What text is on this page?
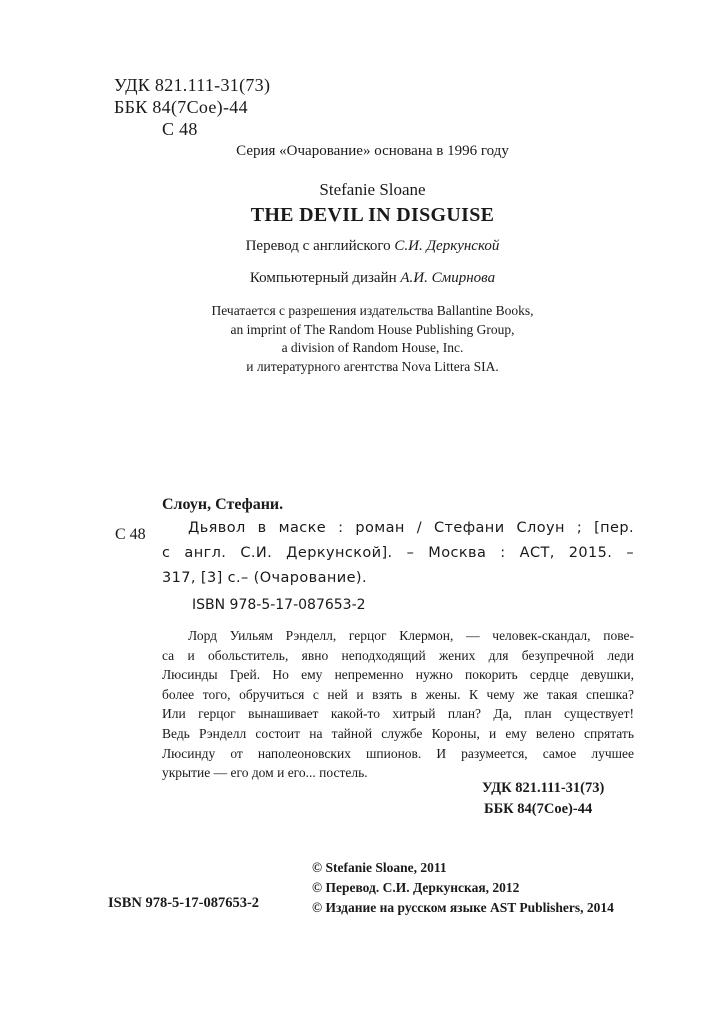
УДК 821.111-31(73)
ББК 84(7Сое)-44
С 48
Серия «Очарование» основана в 1996 году
Stefanie Sloane
THE DEVIL IN DISGUISE
Перевод с английского С.И. Деркунской
Компьютерный дизайн А.И. Смирнова
Печатается с разрешения издательства Ballantine Books,
an imprint of The Random House Publishing Group,
a division of Random House, Inc.
и литературного агентства Nova Littera SIA.
Слоун, Стефани.
С 48	Дьявол в маске : роман / Стефани Слоун ; [пер.
с англ. С.И. Деркунской]. – Москва : АСТ, 2015. –
317, [3] с.– (Очарование).
ISBN 978-5-17-087653-2
Лорд Уильям Рэнделл, герцог Клермон, — человек-скандал, пове-
са и обольститель, явно неподходящий жених для безупречной леди
Люсинды Грей. Но ему непременно нужно покорить сердце девушки,
более того, обручиться с ней и взять в жены. К чему же такая спешка?
Или герцог вынашивает какой-то хитрый план? Да, план существует!
Ведь Рэнделл состоит на тайной службе Короны, и ему велено спрятать
Люсинду от наполеоновских шпионов. И разумеется, самое лучшее
укрытие — его дом и его... постель.
УДК 821.111-31(73)
ББК 84(7Сое)-44
© Stefanie Sloane, 2011
© Перевод. С.И. Деркунская, 2012
© Издание на русском языке AST Publishers, 2014
ISBN 978-5-17-087653-2
